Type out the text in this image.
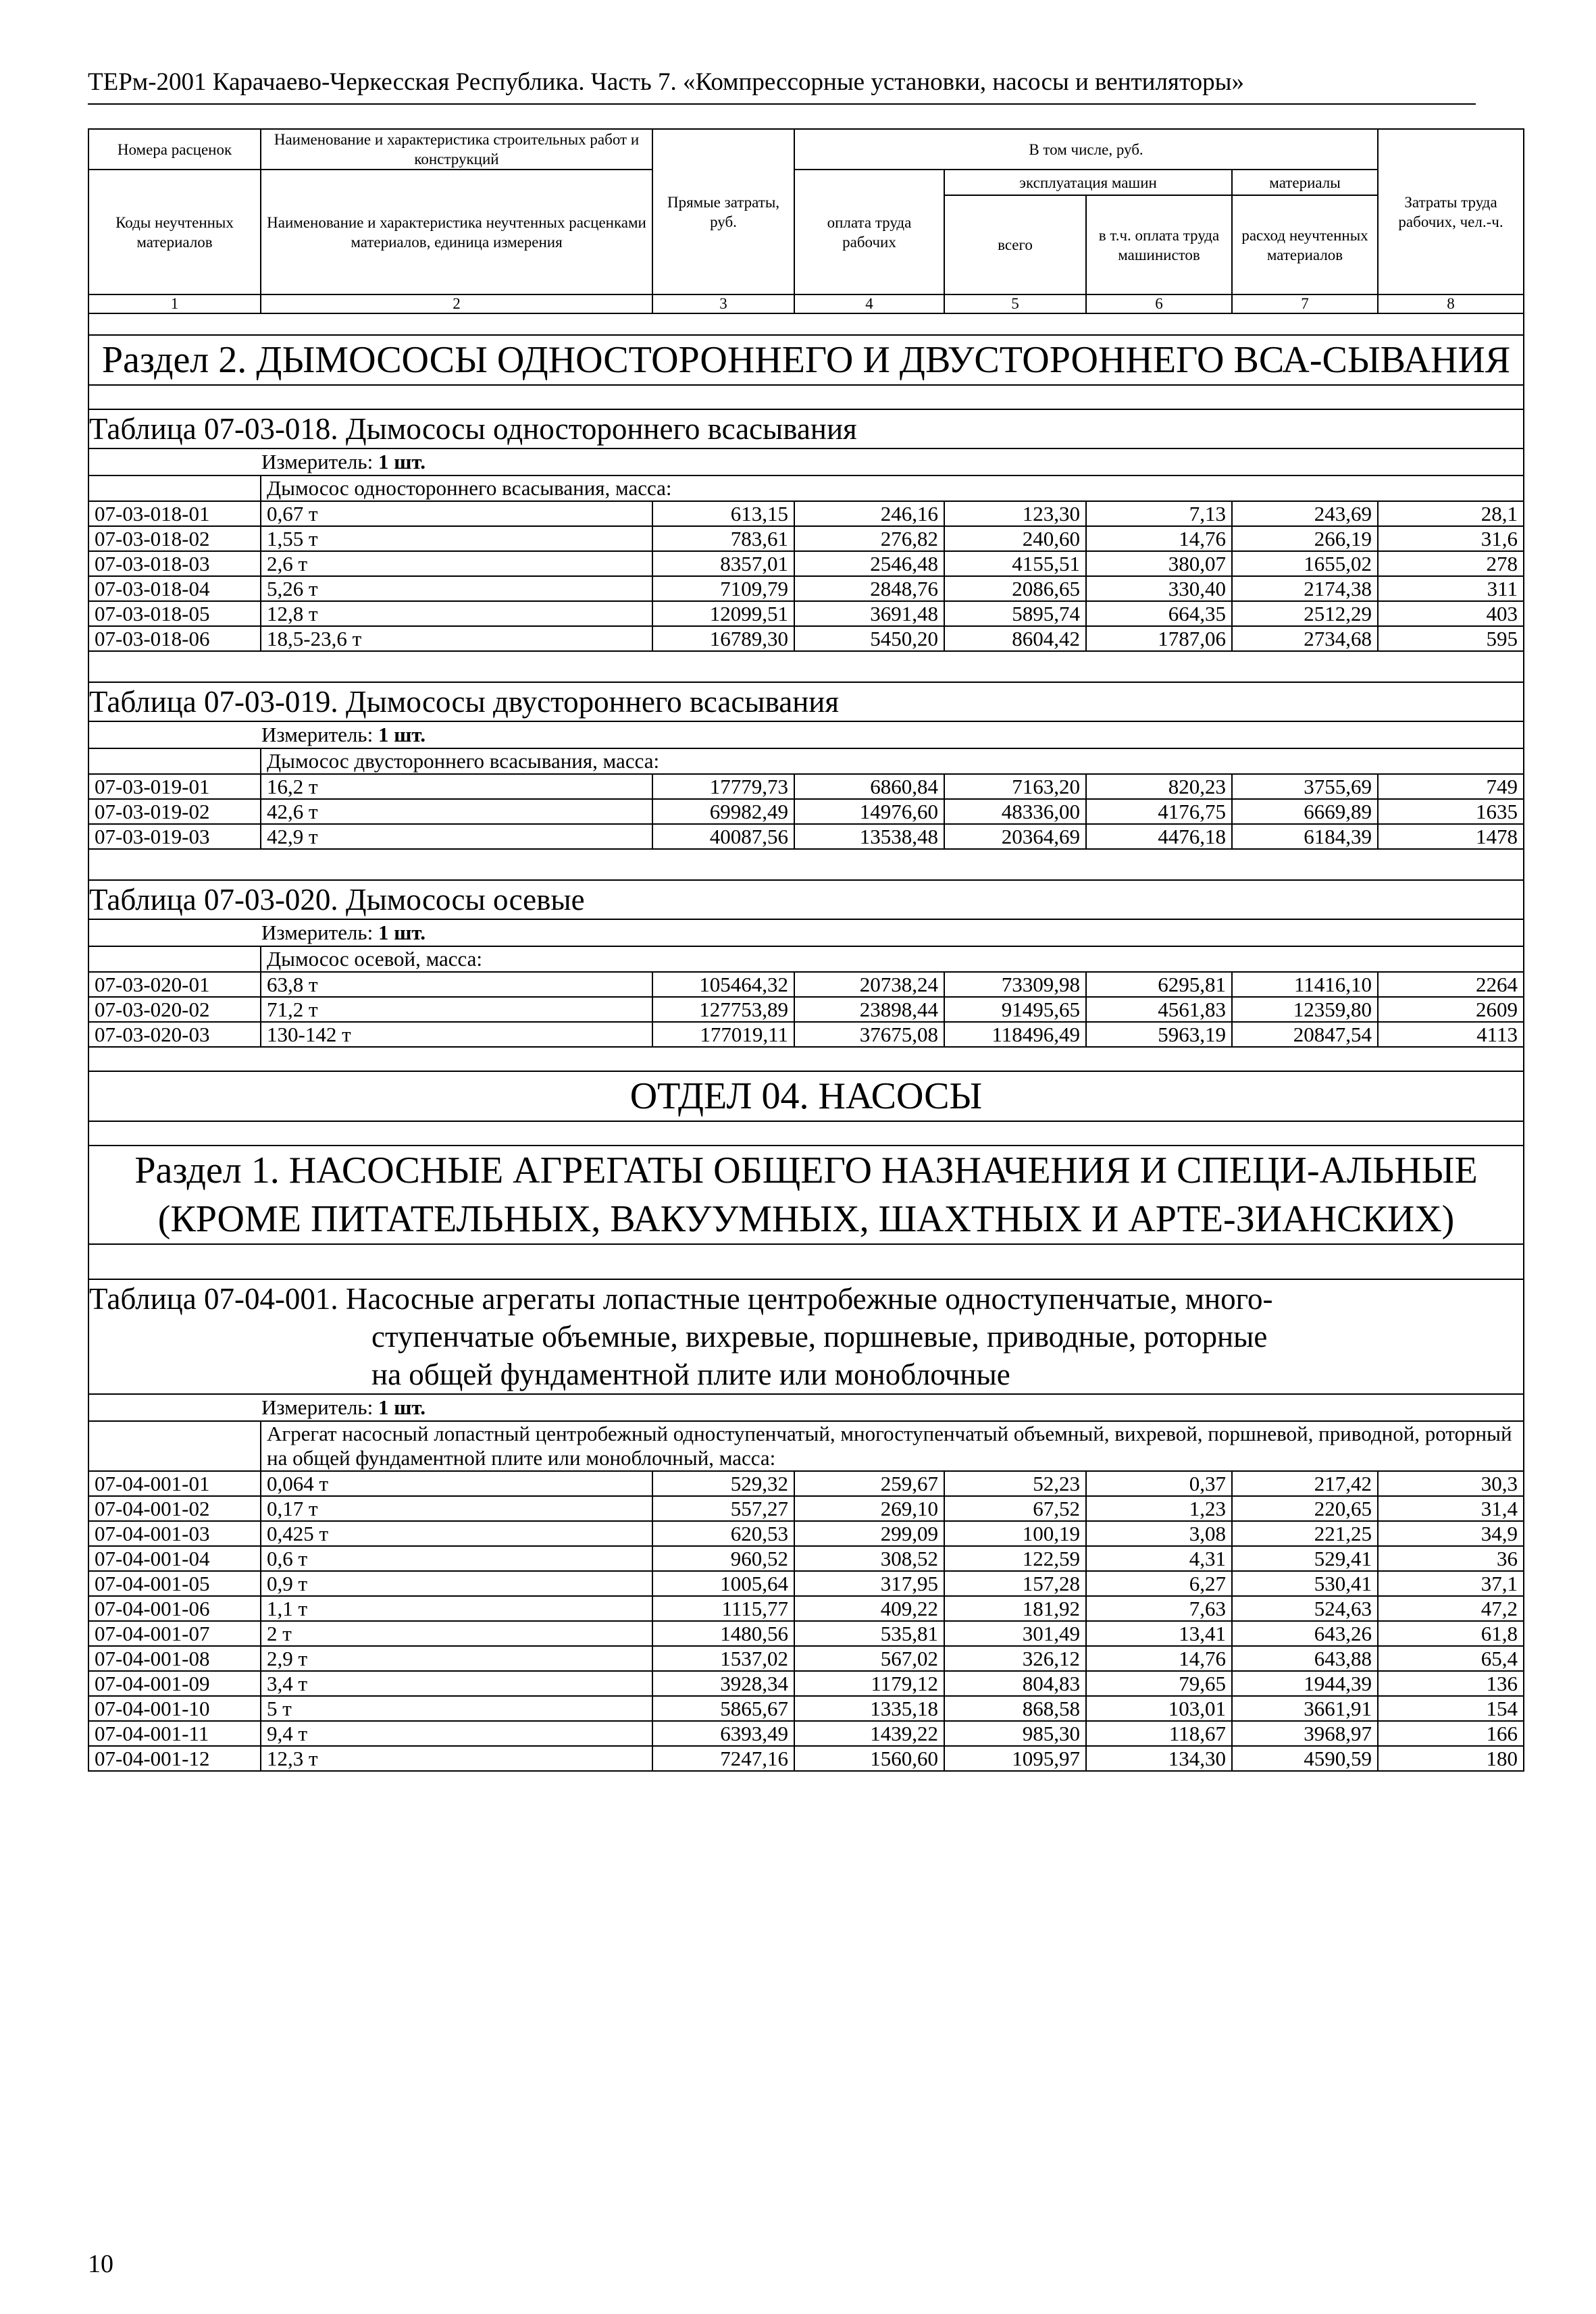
ТЕРм-2001 Карачаево-Черкесская Республика. Часть 7. «Компрессорные установки, насосы и вентиляторы»
Номера расценок	Наименование и характеристика строительных работ и конструкций	Прямые затраты, руб.	В том числе, руб.				Затраты труда рабочих, чел.-ч.
Коды неучтенных материалов	Наименование и характеристика неучтенных расценками материалов, единица измерения		оплата труда рабочих	эксплуатация машин		материалы	
				всего	в т.ч. оплата труда машинистов	расход неучтенных материалов	
1	2	3	4	5	6	7	8

Раздел 2. ДЫМОСОСЫ ОДНОСТОРОННЕГО И ДВУСТОРОННЕГО ВСА-СЫВАНИЯ							

Таблица 07-03-018. Дымососы одностороннего всасывания							
Измеритель: 1 шт.							
	Дымосос одностороннего всасывания, масса:						
07-03-018-01	0,67 т	613,15	246,16	123,30	7,13	243,69	28,1
07-03-018-02	1,55 т	783,61	276,82	240,60	14,76	266,19	31,6
07-03-018-03	2,6 т	8357,01	2546,48	4155,51	380,07	1655,02	278
07-03-018-04	5,26 т	7109,79	2848,76	2086,65	330,40	2174,38	311
07-03-018-05	12,8 т	12099,51	3691,48	5895,74	664,35	2512,29	403
07-03-018-06	18,5-23,6 т	16789,30	5450,20	8604,42	1787,06	2734,68	595

Таблица 07-03-019. Дымососы двустороннего всасывания							
Измеритель: 1 шт.							
	Дымосос двустороннего всасывания, масса:						
07-03-019-01	16,2 т	17779,73	6860,84	7163,20	820,23	3755,69	749
07-03-019-02	42,6 т	69982,49	14976,60	48336,00	4176,75	6669,89	1635
07-03-019-03	42,9 т	40087,56	13538,48	20364,69	4476,18	6184,39	1478

Таблица 07-03-020. Дымососы осевые							
Измеритель: 1 шт.							
	Дымосос осевой, масса:						
07-03-020-01	63,8 т	105464,32	20738,24	73309,98	6295,81	11416,10	2264
07-03-020-02	71,2 т	127753,89	23898,44	91495,65	4561,83	12359,80	2609
07-03-020-03	130-142 т	177019,11	37675,08	118496,49	5963,19	20847,54	4113

ОТДЕЛ 04. НАСОСЫ							

Раздел 1. НАСОСНЫЕ АГРЕГАТЫ ОБЩЕГО НАЗНАЧЕНИЯ И СПЕЦИ-АЛЬНЫЕ (КРОМЕ ПИТАТЕЛЬНЫХ, ВАКУУМНЫХ, ШАХТНЫХ И АРТЕ-ЗИАНСКИХ)							

Таблица 07-04-001. Насосные агрегаты лопастные центробежные одноступенчатые, много-
ступенчатые объемные, вихревые, поршневые, приводные, роторные
на общей фундаментной плите или моноблочные							

Измеритель: 1 шт.							
	Агрегат насосный лопастный центробежный одноступенчатый, многоступенчатый объемный, вихревой, поршневой, приводной, роторный на общей фундаментной плите или моноблочный, масса:						
07-04-001-01	0,064 т	529,32	259,67	52,23	0,37	217,42	30,3
07-04-001-02	0,17 т	557,27	269,10	67,52	1,23	220,65	31,4
07-04-001-03	0,425 т	620,53	299,09	100,19	3,08	221,25	34,9
07-04-001-04	0,6 т	960,52	308,52	122,59	4,31	529,41	36
07-04-001-05	0,9 т	1005,64	317,95	157,28	6,27	530,41	37,1
07-04-001-06	1,1 т	1115,77	409,22	181,92	7,63	524,63	47,2
07-04-001-07	2 т	1480,56	535,81	301,49	13,41	643,26	61,8
07-04-001-08	2,9 т	1537,02	567,02	326,12	14,76	643,88	65,4
07-04-001-09	3,4 т	3928,34	1179,12	804,83	79,65	1944,39	136
07-04-001-10	5 т	5865,67	1335,18	868,58	103,01	3661,91	154
07-04-001-11	9,4 т	6393,49	1439,22	985,30	118,67	3968,97	166
07-04-001-12	12,3 т	7247,16	1560,60	1095,97	134,30	4590,59	180
10
